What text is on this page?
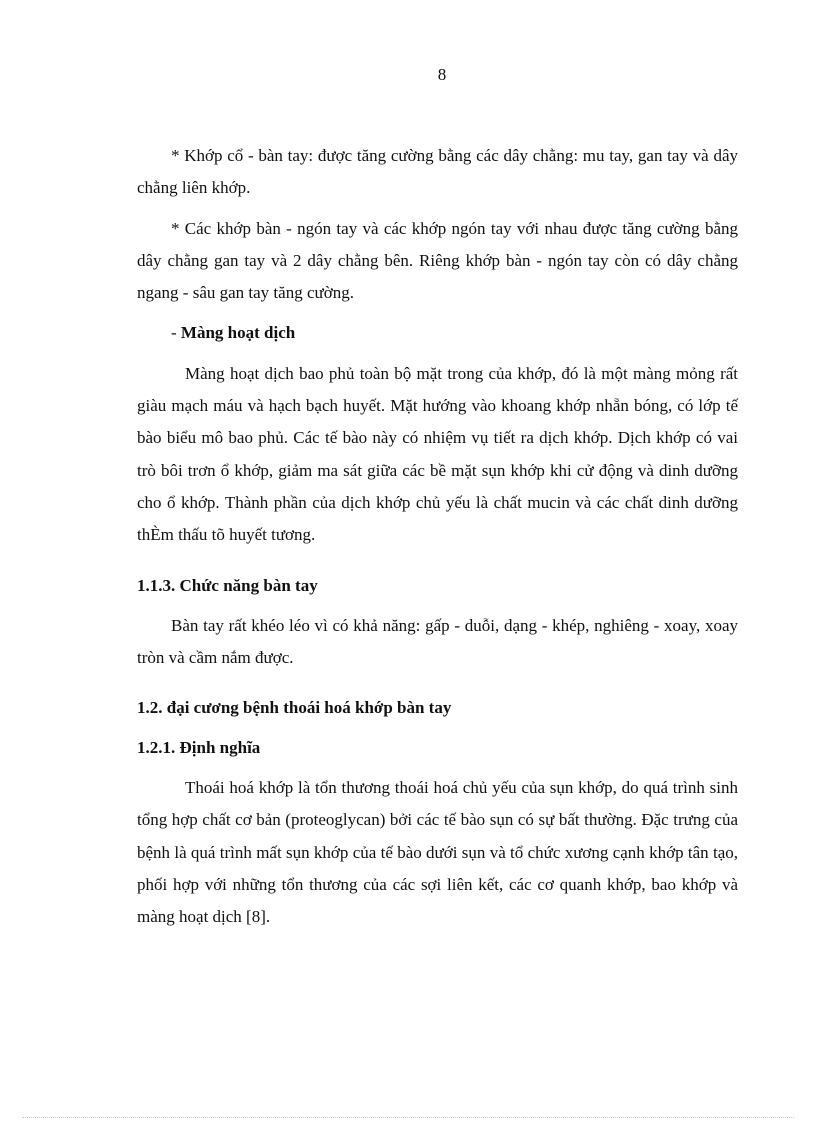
8

* Khớp cổ - bàn tay: được tăng cường bằng các dây chằng: mu tay, gan tay và dây chằng liên khớp.

* Các khớp bàn - ngón tay và các khớp ngón tay với nhau được tăng cường bằng dây chằng gan tay và 2 dây chằng bên. Riêng khớp bàn - ngón tay còn có dây chằng ngang - sâu gan tay tăng cường.

- Màng hoạt dịch

Màng hoạt dịch bao phủ toàn bộ mặt trong của khớp, đó là một màng mỏng rất giàu mạch máu và hạch bạch huyết. Mặt hướng vào khoang khớp nhẵn bóng, có lớp tế bào biểu mô bao phủ. Các tế bào này có nhiệm vụ tiết ra dịch khớp. Dịch khớp có vai trò bôi trơn ổ khớp, giảm ma sát giữa các bề mặt sụn khớp khi cử động và dinh dưỡng cho ổ khớp. Thành phần của dịch khớp chủ yếu là chất mucin và các chất dinh dưỡng thÈm thấu tõ huyết tương.

1.1.3. Chức năng bàn tay

Bàn tay rất khéo léo vì có khả năng: gấp - duỗi, dạng - khép, nghiêng - xoay, xoay tròn và cầm nắm được.

1.2. đại cương bệnh thoái hoá khớp bàn tay
1.2.1. Định nghĩa

Thoái hoá khớp là tổn thương thoái hoá chủ yếu của sụn khớp, do quá trình sinh tổng hợp chất cơ bản (proteoglycan) bởi các tế bào sụn có sự bất thường. Đặc trưng của bệnh là quá trình mất sụn khớp của tế bào dưới sụn và tổ chức xương cạnh khớp tân tạo, phối hợp với những tổn thương của các sợi liên kết, các cơ quanh khớp, bao khớp và màng hoạt dịch [8].
